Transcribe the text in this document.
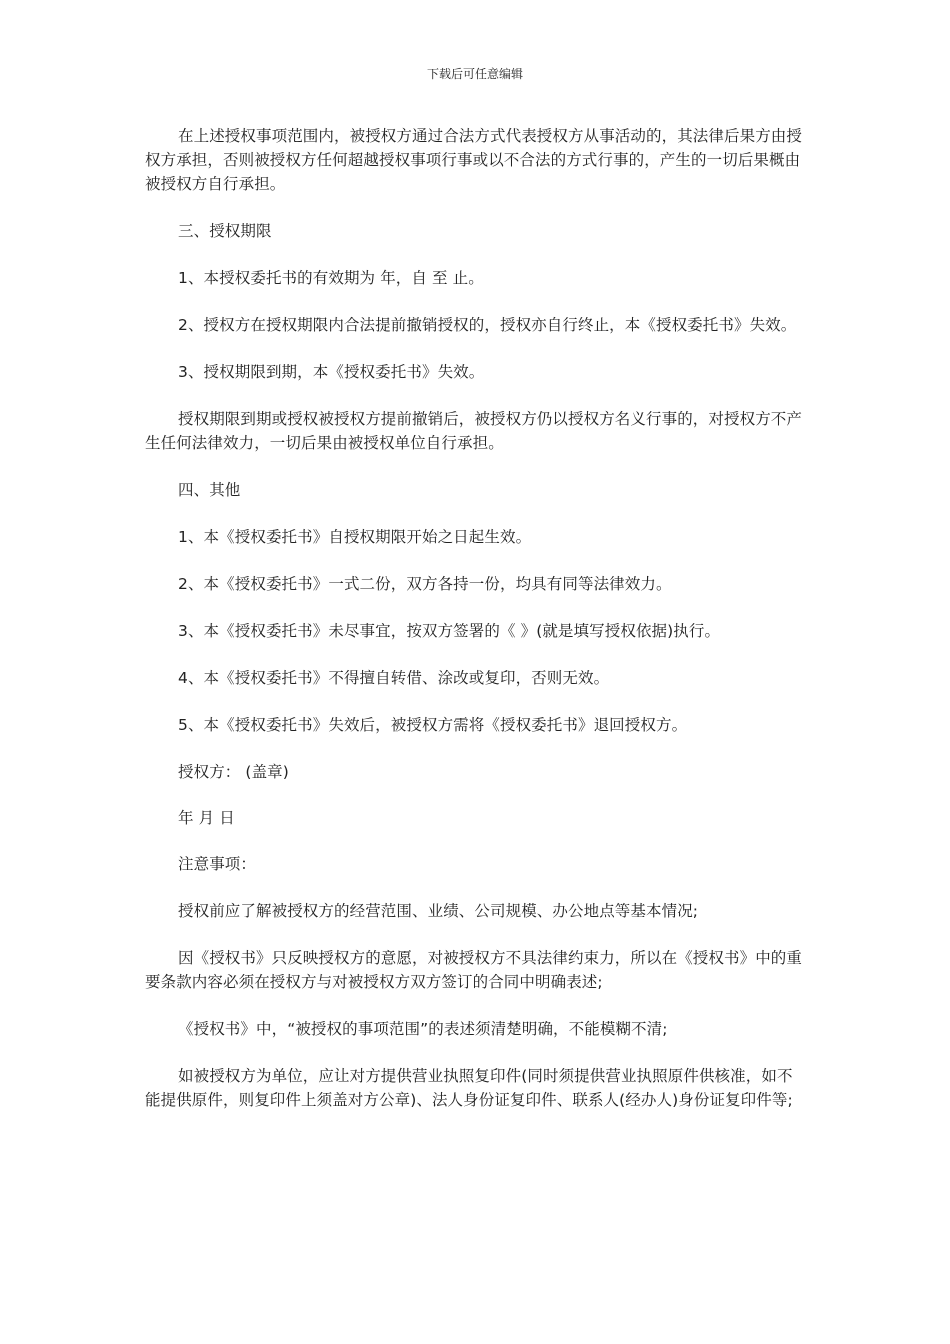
下载后可任意编辑

在上述授权事项范围内，被授权方通过合法方式代表授权方从事活动的，其法律后果方由授权方承担，否则被授权方任何超越授权事项行事或以不合法的方式行事的，产生的一切后果概由被授权方自行承担。

三、授权期限

1、本授权委托书的有效期为 年，自 至 止。

2、授权方在授权期限内合法提前撤销授权的，授权亦自行终止，本《授权委托书》失效。

3、授权期限到期，本《授权委托书》失效。

授权期限到期或授权被授权方提前撤销后，被授权方仍以授权方名义行事的，对授权方不产生任何法律效力，一切后果由被授权单位自行承担。

四、其他

1、本《授权委托书》自授权期限开始之日起生效。

2、本《授权委托书》一式二份，双方各持一份，均具有同等法律效力。

3、本《授权委托书》未尽事宜，按双方签署的《 》(就是填写授权依据)执行。

4、本《授权委托书》不得擅自转借、涂改或复印，否则无效。

5、本《授权委托书》失效后，被授权方需将《授权委托书》退回授权方。

授权方： (盖章)

年 月 日

注意事项：

授权前应了解被授权方的经营范围、业绩、公司规模、办公地点等基本情况;

因《授权书》只反映授权方的意愿，对被授权方不具法律约束力，所以在《授权书》中的重要条款内容必须在授权方与对被授权方双方签订的合同中明确表述;

《授权书》中，“被授权的事项范围”的表述须清楚明确，不能模糊不清;

如被授权方为单位，应让对方提供营业执照复印件(同时须提供营业执照原件供核准，如不能提供原件，则复印件上须盖对方公章)、法人身份证复印件、联系人(经办人)身份证复印件等;
